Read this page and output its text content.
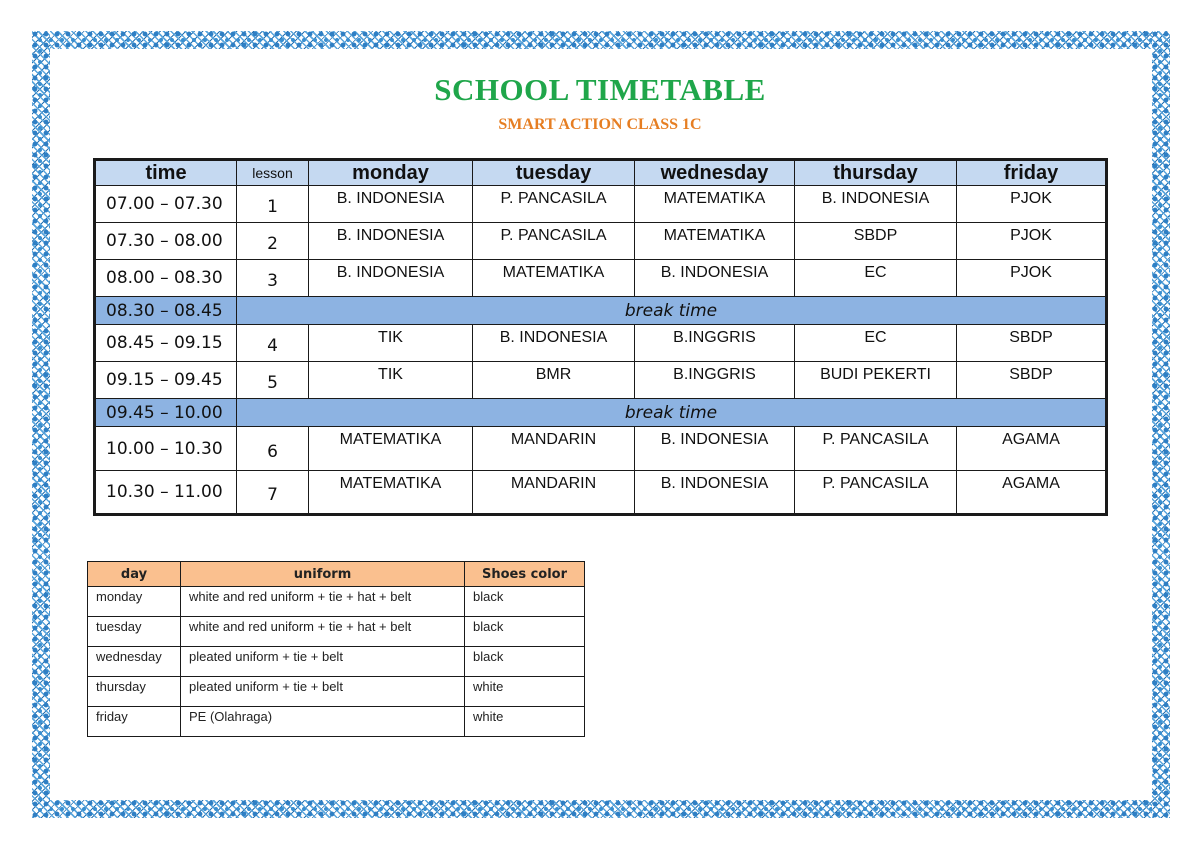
SCHOOL TIMETABLE
SMART ACTION CLASS 1C
time	lesson	monday	tuesday	wednesday	thursday	friday
07.00 – 07.30	1	B. INDONESIA	P. PANCASILA	MATEMATIKA	B. INDONESIA	PJOK
07.30 – 08.00	2	B. INDONESIA	P. PANCASILA	MATEMATIKA	SBDP	PJOK
08.00 – 08.30	3	B. INDONESIA	MATEMATIKA	B. INDONESIA	EC	PJOK
08.30 – 08.45	break time					
08.45 – 09.15	4	TIK	B. INDONESIA	B.INGGRIS	EC	SBDP
09.15 – 09.45	5	TIK	BMR	B.INGGRIS	BUDI PEKERTI	SBDP
09.45 – 10.00	break time					
10.00 – 10.30	6	MATEMATIKA	MANDARIN	B. INDONESIA	P. PANCASILA	AGAMA
10.30 – 11.00	7	MATEMATIKA	MANDARIN	B. INDONESIA	P. PANCASILA	AGAMA
day	uniform	Shoes color
monday	white and red uniform + tie + hat + belt	black
tuesday	white and red uniform + tie + hat + belt	black
wednesday	pleated uniform + tie + belt	black
thursday	pleated uniform + tie + belt	white
friday	PE (Olahraga)	white
